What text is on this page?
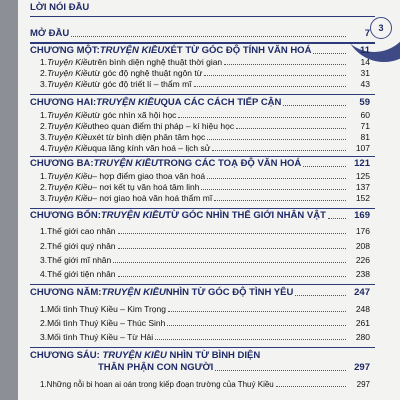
3
LỜI NÓI ĐẦU
MỞ ĐẦU	7
CHƯƠNG MỘT: TRUYỆN KIỀU XÉT TỪ GÓC ĐỘ TÍNH VĂN HOÁ	11
1. Truyện Kiều trên bình diện nghệ thuật thời gian	14
2. Truyện Kiều từ góc độ nghệ thuật ngôn từ	31
3. Truyện Kiều từ góc độ triết lí – thẩm mĩ	43
CHƯƠNG HAI: TRUYỆN KIỀU QUA CÁC CÁCH TIẾP CẬN	59
1. Truyện Kiều từ góc nhìn xã hội học	60
2. Truyện Kiều theo quan điểm thi pháp – kí hiệu học	71
3. Truyện Kiều xét từ bình diện phân tâm học	81
4. Truyện Kiều qua lăng kính văn hoá – lịch sử	107
CHƯƠNG BA: TRUYỆN KIỀU TRONG CÁC TOẠ ĐỘ VĂN HOÁ	121
1. Truyện Kiều – hợp điểm giao thoa văn hoá	125
2. Truyện Kiều – nơi kết tụ văn hoá tâm linh	137
3. Truyện Kiều – nơi giao hoà văn hoá thẩm mĩ	152
CHƯƠNG BỐN: TRUYỆN KIỀU TỪ GÓC NHÌN THẾ GIỚI NHÂN VẬT	169
1. Thế giới cao nhân	176
2. Thế giới quý nhân	208
3. Thế giới mĩ nhân	226
4. Thế giới tiện nhân	238
CHƯƠNG NĂM: TRUYỆN KIỀU NHÌN TỪ GÓC ĐỘ TÌNH YÊU	247
1. Mối tình Thuý Kiều – Kim Trọng	248
2. Mối tình Thuý Kiều – Thúc Sinh	261
3. Mối tình Thuý Kiều – Từ Hải	280
CHƯƠNG SÁU: TRUYỆN KIỀU NHÌN TỪ BÌNH DIỆN
THÂN PHẬN CON NGƯỜI	297
1. Những nỗi bi hoan ai oán trong kiếp đoạn trường của Thuý Kiều	297
